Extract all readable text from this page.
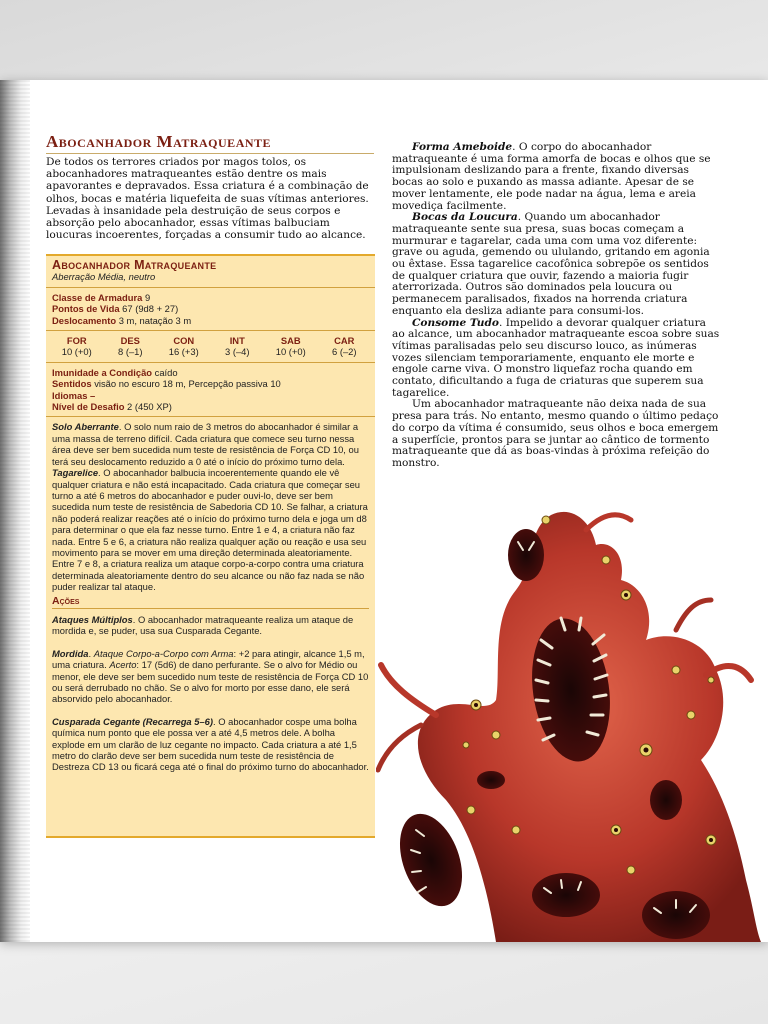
Abocanhador Matraqueante
De todos os terrores criados por magos tolos, os abocanhadores matraqueantes estão dentre os mais apavorantes e depravados. Essa criatura é a combinação de olhos, bocas e matéria liquefeita de suas vítimas anteriores. Levadas à insanidade pela destruição de seus corpos e absorção pelo abocanhador, essas vítimas balbuciam loucuras incoerentes, forçadas a consumir tudo ao alcance.
Abocanhador Matraqueante
Aberração Média, neutro
Classe de Armadura 9
Pontos de Vida 67 (9d8 + 27)
Deslocamento 3 m, natação 3 m
FOR
10 (+0)
DES
8 (–1)
CON
16 (+3)
INT
3 (–4)
SAB
10 (+0)
CAR
6 (–2)
Imunidade a Condição caído
Sentidos visão no escuro 18 m, Percepção passiva 10
Idiomas –
Nível de Desafio 2 (450 XP)

Solo Aberrante. O solo num raio de 3 metros do abocanhador é similar a uma massa de terreno difícil. Cada criatura que comece seu turno nessa área deve ser bem sucedida num teste de resistência de Força CD 10, ou terá seu deslocamento reduzido a 0 até o início do próximo turno dela.

Tagarelice. O abocanhador balbucia incoerentemente quando ele vê qualquer criatura e não está incapacitado. Cada criatura que começar seu turno a até 6 metros do abocanhador e puder ouvi-lo, deve ser bem sucedida num teste de resistência de Sabedoria CD 10. Se falhar, a criatura não poderá realizar reações até o início do próximo turno dela e joga um d8 para determinar o que ela faz nesse turno. Entre 1 e 4, a criatura não faz nada. Entre 5 e 6, a criatura não realiza qualquer ação ou reação e usa seu movimento para se mover em uma direção determinada aleatoriamente. Entre 7 e 8, a criatura realiza um ataque corpo-a-corpo contra uma criatura determinada aleatoriamente dentro do seu alcance ou não faz nada se não puder realizar tal ataque.

Ações

Ataques Múltiplos. O abocanhador matraqueante realiza um ataque de mordida e, se puder, usa sua Cusparada Cegante.

Mordida. Ataque Corpo-a-Corpo com Arma: +2 para atingir, alcance 1,5 m, uma criatura. Acerto: 17 (5d6) de dano perfurante. Se o alvo for Médio ou menor, ele deve ser bem sucedido num teste de resistência de Força CD 10 ou será derrubado no chão. Se o alvo for morto por esse dano, ele será absorvido pelo abocanhador.

Cusparada Cegante (Recarrega 5–6). O abocanhador cospe uma bolha química num ponto que ele possa ver a até 4,5 metros dele. A bolha explode em um clarão de luz cegante no impacto. Cada criatura a até 1,5 metro do clarão deve ser bem sucedida num teste de resistência de Destreza CD 13 ou ficará cega até o final do próximo turno do abocanhador.

Forma Ameboide. O corpo do abocanhador matraqueante é uma forma amorfa de bocas e olhos que se impulsionam deslizando para a frente, fixando diversas bocas ao solo e puxando as massa adiante. Apesar de se mover lentamente, ele pode nadar na água, lema e areia movediça facilmente.

Bocas da Loucura. Quando um abocanhador matraqueante sente sua presa, suas bocas começam a murmurar e tagarelar, cada uma com uma voz diferente: grave ou aguda, gemendo ou ululando, gritando em agonia ou êxtase. Essa tagarelice cacofônica sobrepõe os sentidos de qualquer criatura que ouvir, fazendo a maioria fugir aterrorizada. Outros são dominados pela loucura ou permanecem paralisados, fixados na horrenda criatura enquanto ela desliza adiante para consumi-los.

Consome Tudo. Impelido a devorar qualquer criatura ao alcance, um abocanhador matraqueante escoa sobre suas vítimas paralisadas pelo seu discurso louco, as inúmeras vozes silenciam temporariamente, enquanto ele morte e engole carne viva. O monstro liquefaz rocha quando em contato, dificultando a fuga de criaturas que superem sua tagarelice.

Um abocanhador matraqueante não deixa nada de sua presa para trás. No entanto, mesmo quando o último pedaço do corpo da vítima é consumido, seus olhos e boca emergem a superfície, prontos para se juntar ao cântico de tormento matraqueante que dá as boas-vindas à próxima refeição do monstro.
